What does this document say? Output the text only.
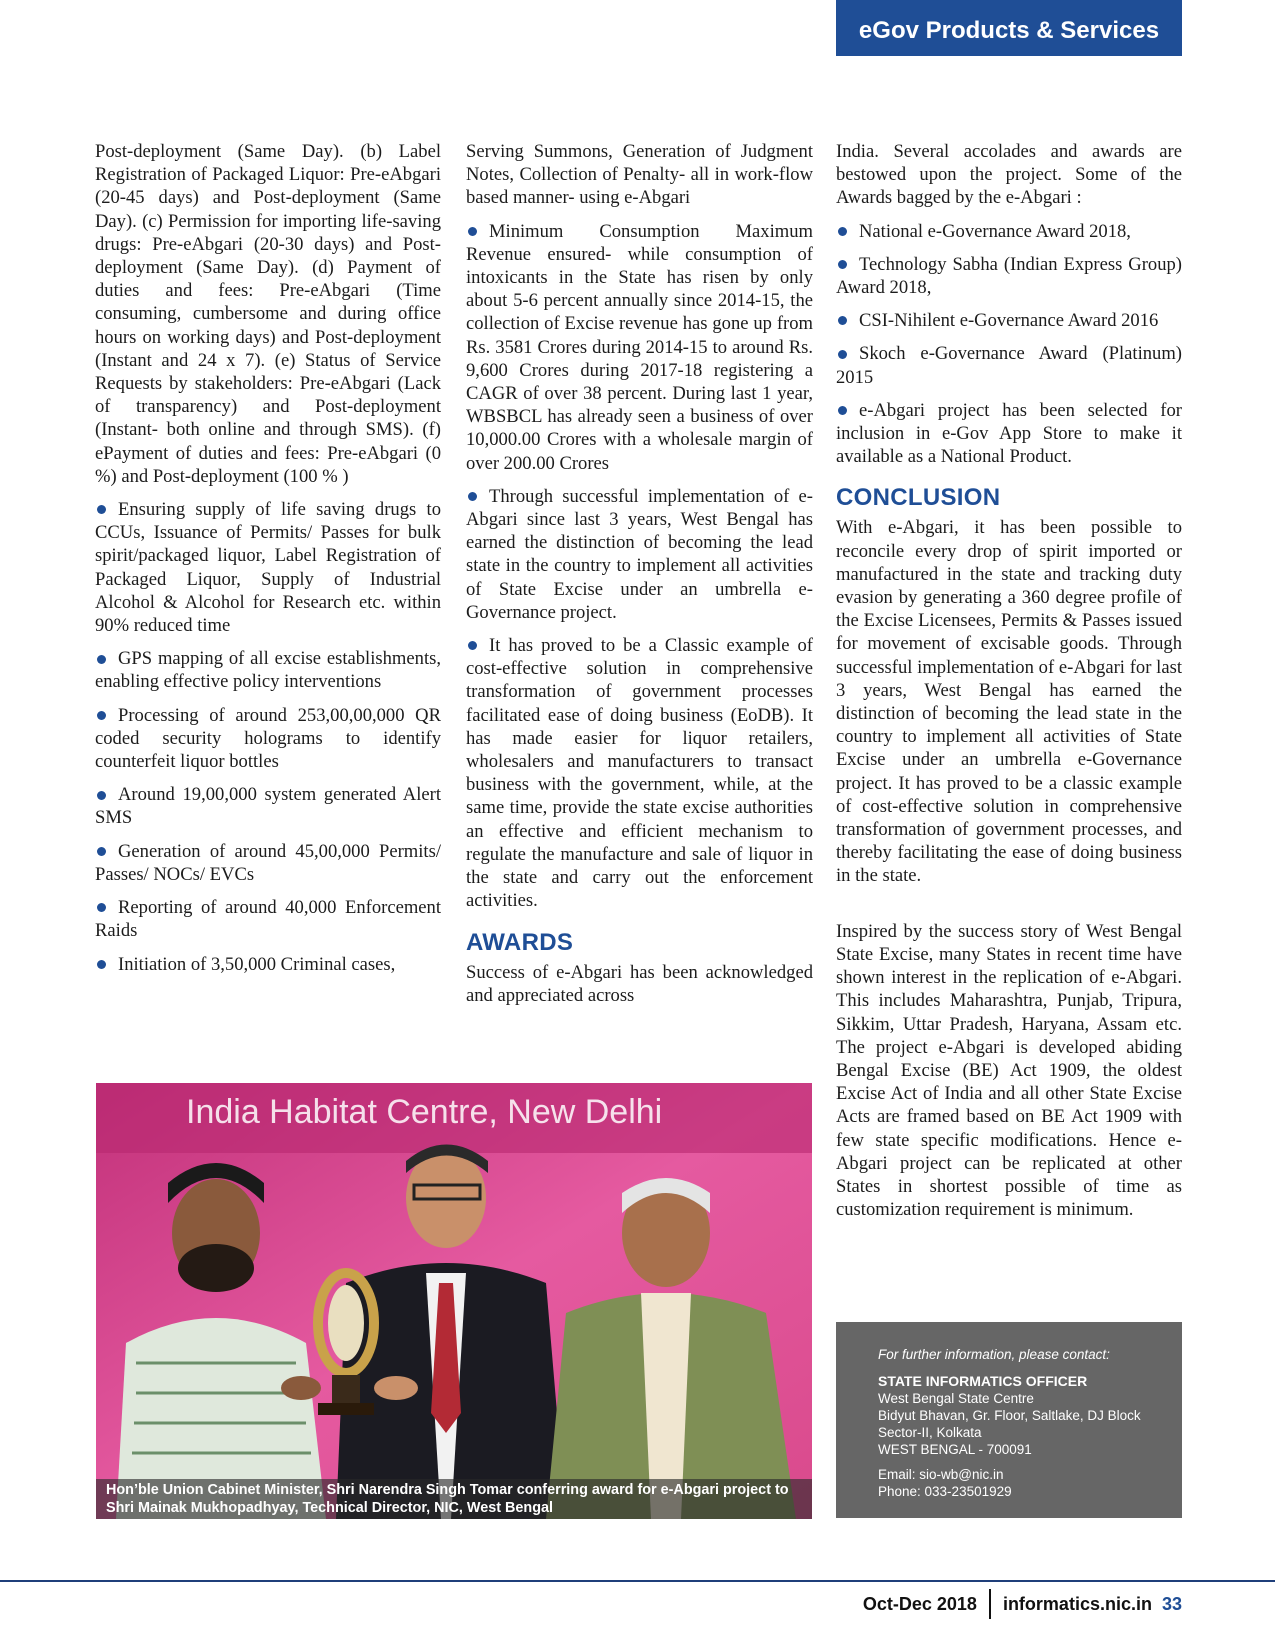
eGov Products & Services

Post-deployment (Same Day). (b) Label Registration of Packaged Liquor: Pre-eAbgari (20-45 days) and Post-deployment (Same Day). (c) Permission for importing life-saving drugs: Pre-eAbgari (20-30 days) and Post-deployment (Same Day). (d) Payment of duties and fees: Pre-eAbgari (Time consuming, cumbersome and during office hours on working days) and Post-deployment (Instant and 24 x 7). (e) Status of Service Requests by stakeholders: Pre-eAbgari (Lack of transparency) and Post-deployment (Instant- both online and through SMS). (f) ePayment of duties and fees: Pre-eAbgari (0 %) and Post-deployment (100 % )

Ensuring supply of life saving drugs to CCUs, Issuance of Permits/ Passes for bulk spirit/packaged liquor, Label Registration of Packaged Liquor, Supply of Industrial Alcohol & Alcohol for Research etc. within 90% reduced time
GPS mapping of all excise establishments, enabling effective policy interventions
Processing of around 253,00,00,000 QR coded security holograms to identify counterfeit liquor bottles
Around 19,00,000 system generated Alert SMS
Generation of around 45,00,000 Permits/ Passes/ NOCs/ EVCs
Reporting of around 40,000 Enforcement Raids
Initiation of 3,50,000 Criminal cases,

Serving Summons, Generation of Judgment Notes, Collection of Penalty- all in work-flow based manner- using e-Abgari

Minimum Consumption Maximum Revenue ensured- while consumption of intoxicants in the State has risen by only about 5-6 percent annually since 2014-15, the collection of Excise revenue has gone up from Rs. 3581 Crores during 2014-15 to around Rs. 9,600 Crores during 2017-18 registering a CAGR of over 38 percent. During last 1 year, WBSBCL has already seen a business of over 10,000.00 Crores with a wholesale margin of over 200.00 Crores
Through successful implementation of e-Abgari since last 3 years, West Bengal has earned the distinction of becoming the lead state in the country to implement all activities of State Excise under an umbrella e-Governance project.
It has proved to be a Classic example of cost-effective solution in comprehensive transformation of government processes facilitated ease of doing business (EoDB). It has made easier for liquor retailers, wholesalers and manufacturers to transact business with the government, while, at the same time, provide the state excise authorities an effective and efficient mechanism to regulate the manufacture and sale of liquor in the state and carry out the enforcement activities.
AWARDS

Success of e-Abgari has been acknowledged and appreciated across

India. Several accolades and awards are bestowed upon the project. Some of the Awards bagged by the e-Abgari :

National e-Governance Award 2018,
Technology Sabha (Indian Express Group) Award 2018,
CSI-Nihilent e-Governance Award 2016
Skoch e-Governance Award (Platinum) 2015
e-Abgari project has been selected for inclusion in e-Gov App Store to make it available as a National Product.
CONCLUSION

With e-Abgari, it has been possible to reconcile every drop of spirit imported or manufactured in the state and tracking duty evasion by generating a 360 degree profile of the Excise Licensees, Permits & Passes issued for movement of excisable goods. Through successful implementation of e-Abgari for last 3 years, West Bengal has earned the distinction of becoming the lead state in the country to implement all activities of State Excise under an umbrella e-Governance project. It has proved to be a classic example of cost-effective solution in comprehensive transformation of government processes, and thereby facilitating the ease of doing business in the state.

Inspired by the success story of West Bengal State Excise, many States in recent time have shown interest in the replication of e-Abgari. This includes Maharashtra, Punjab, Tripura, Sikkim, Uttar Pradesh, Haryana, Assam etc. The project e-Abgari is developed abiding Bengal Excise (BE) Act 1909, the oldest Excise Act of India and all other State Excise Acts are framed based on BE Act 1909 with few state specific modifications. Hence e-Abgari project can be replicated at other States in shortest possible of time as customization requirement is minimum.

India Habitat Centre, New Delhi
Hon’ble Union Cabinet Minister, Shri Narendra Singh Tomar conferring award for e-Abgari project to Shri Mainak Mukhopadhyay, Technical Director, NIC, West Bengal
For further information, please contact:
STATE INFORMATICS OFFICER
West Bengal State Centre
Bidyut Bhavan, Gr. Floor, Saltlake, DJ Block
Sector-II, Kolkata
WEST BENGAL - 700091
Email: sio-wb@nic.in
Phone: 033-23501929
Oct-Dec 2018 informatics.nic.in 33
